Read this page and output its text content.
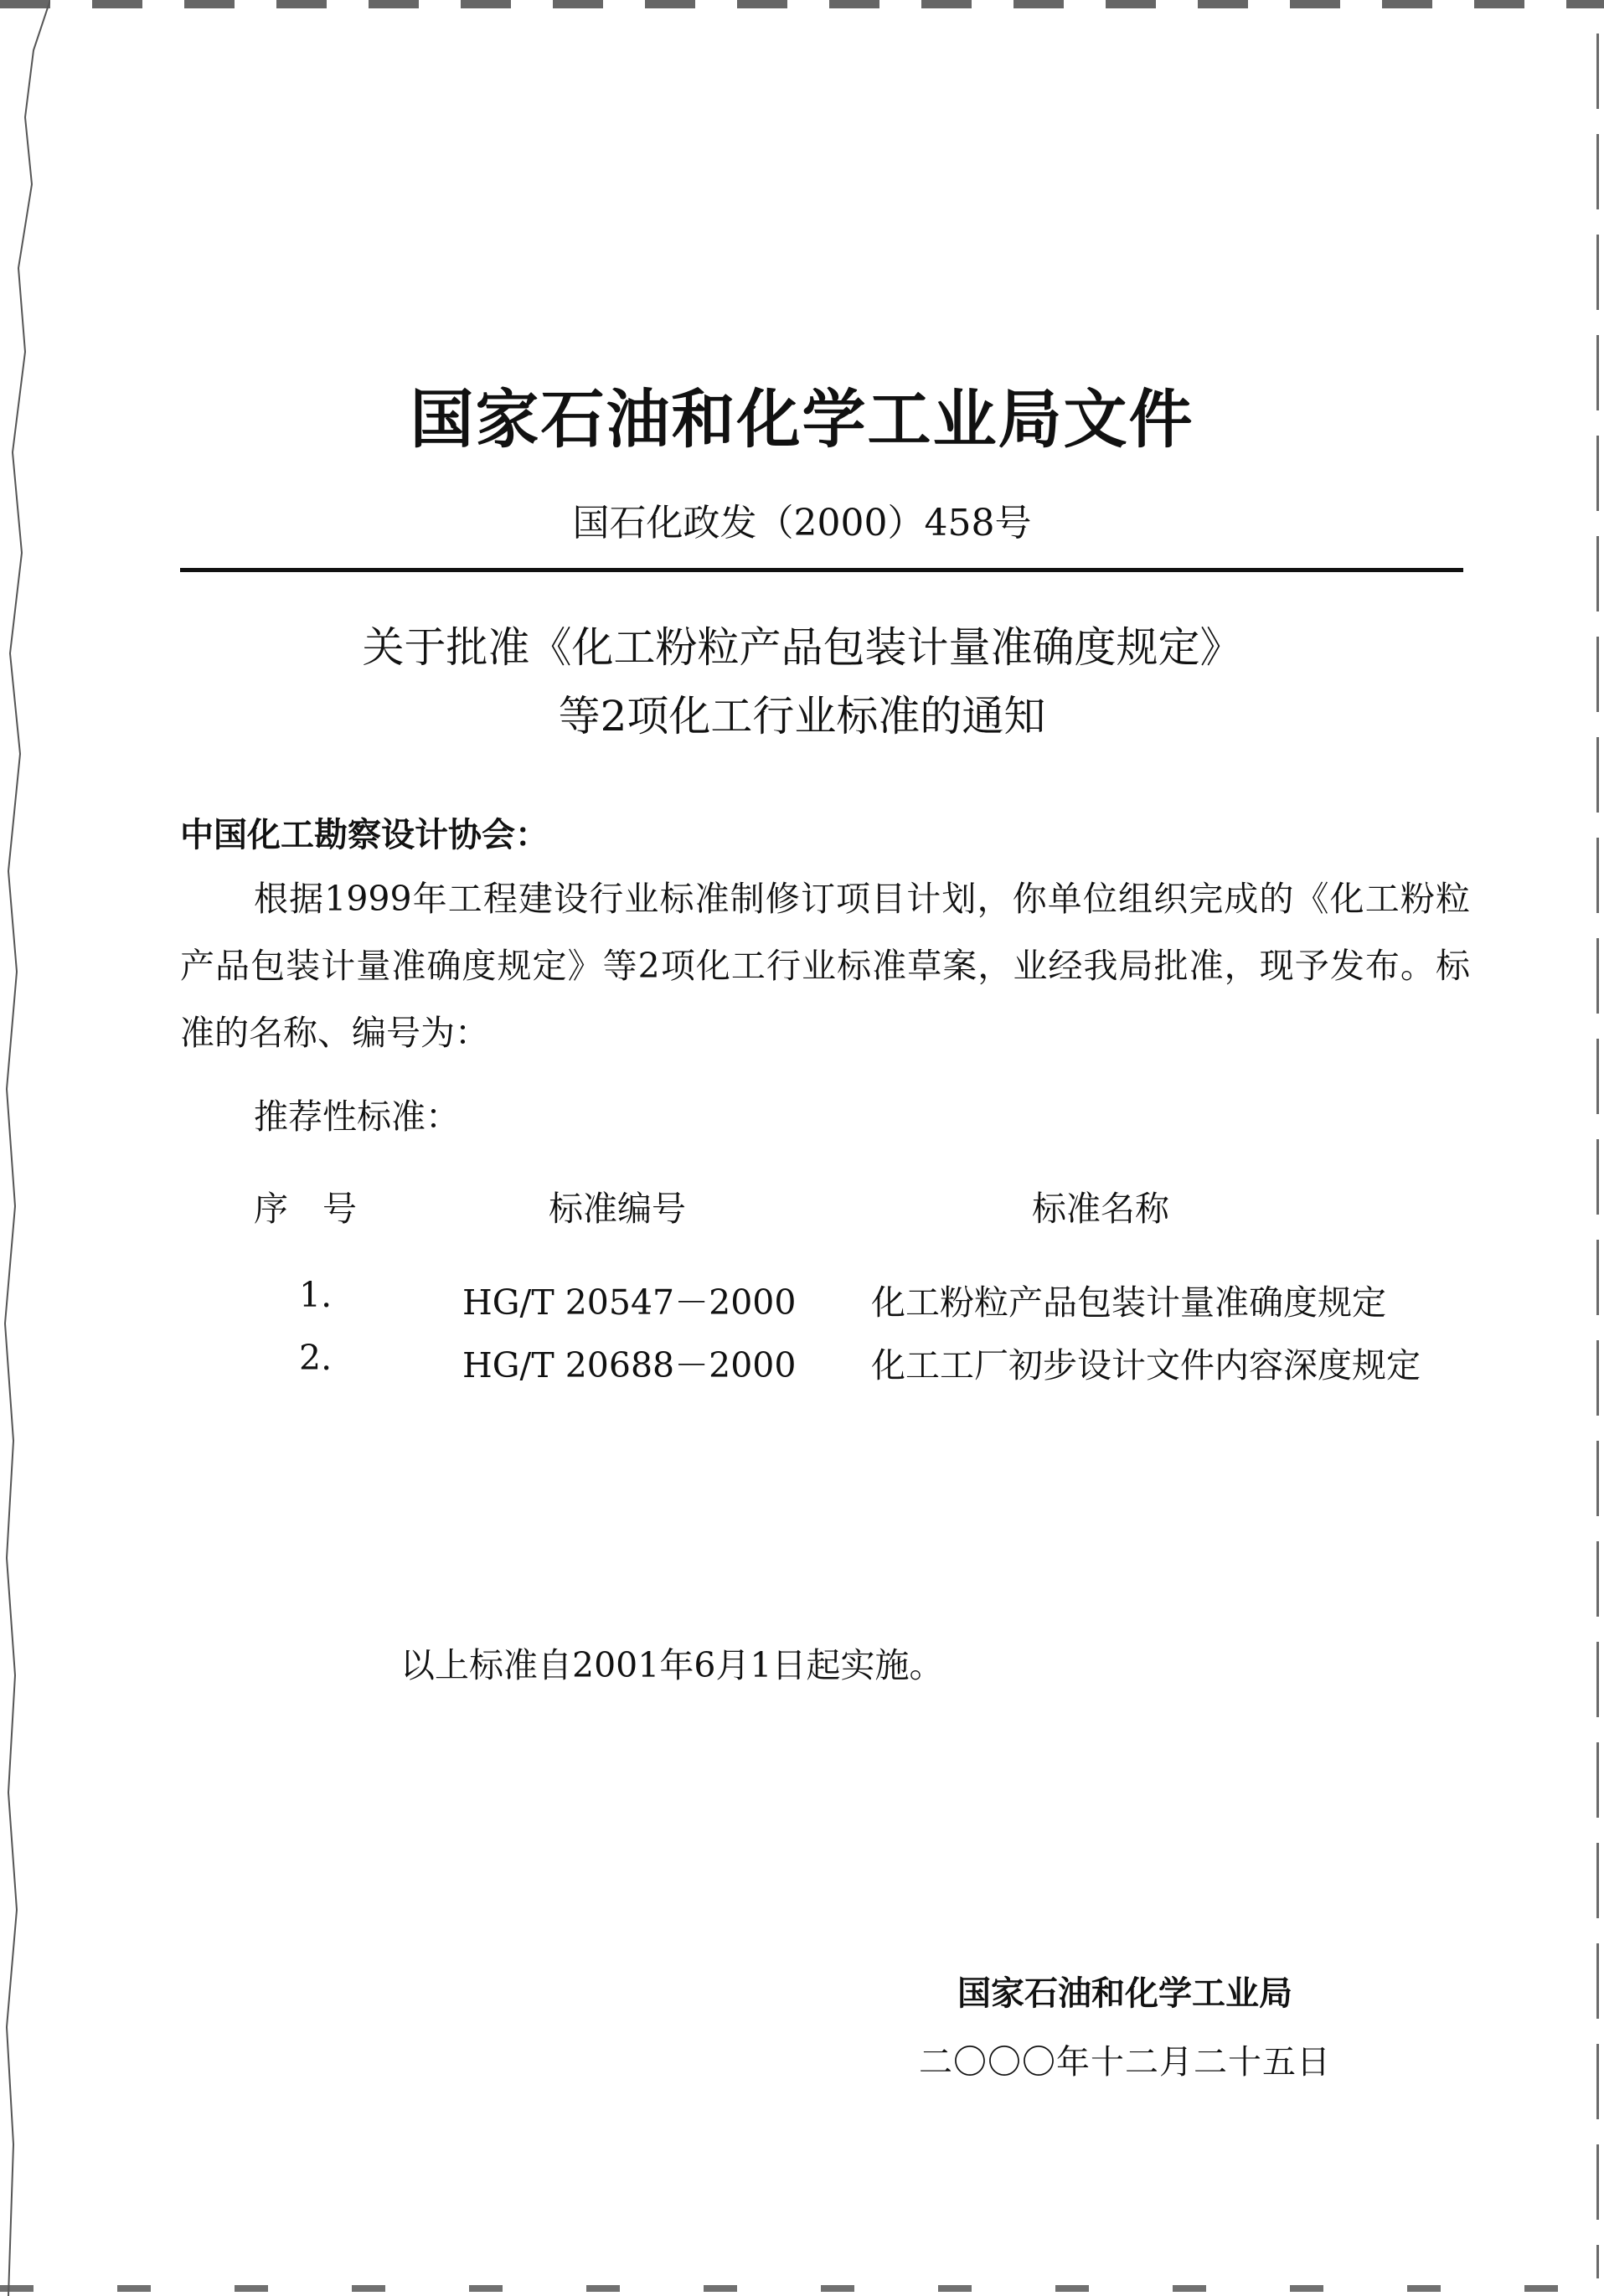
国家石油和化学工业局文件
国石化政发（2000）458号
关于批准《化工粉粒产品包装计量准确度规定》
等2项化工行业标准的通知
中国化工勘察设计协会：
根据1999年工程建设行业标准制修订项目计划，你单位组织完成的《化工粉粒产品包装计量准确度规定》等2项化工行业标准草案，业经我局批准，现予发布。标准的名称、编号为：
推荐性标准：
序　号	标准编号	标准名称
1.	HG/T 20547－2000 化工粉粒产品包装计量准确度规定
2.	HG/T 20688－2000 化工工厂初步设计文件内容深度规定
以上标准自2001年6月1日起实施。
国家石油和化学工业局
二〇〇〇年十二月二十五日
